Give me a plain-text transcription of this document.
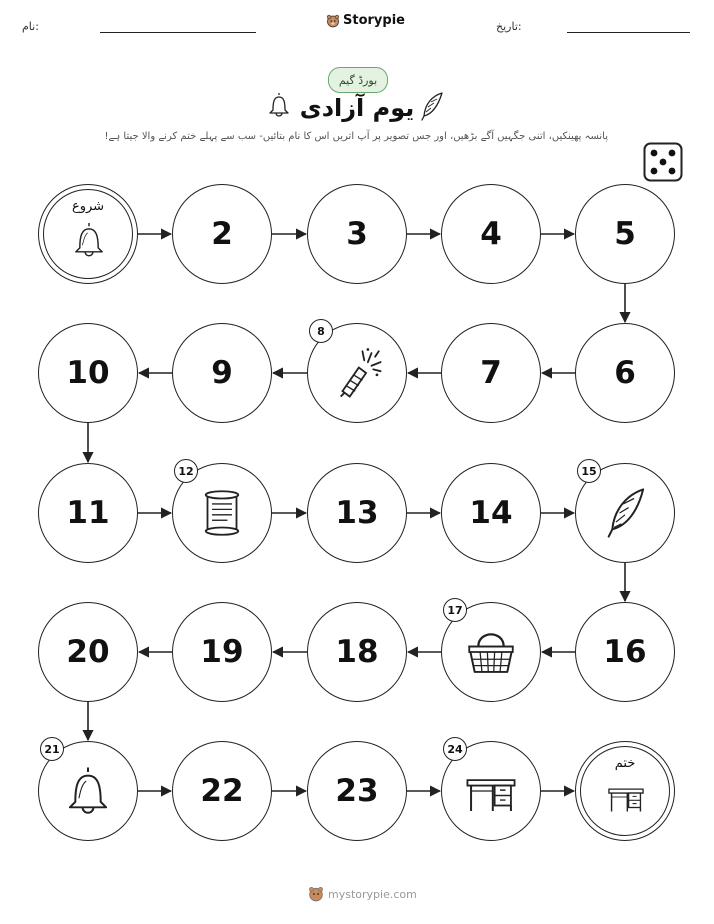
نام:	تاریخ:
Storypie
بورڈ گیم
یوم آزادی
پانسہ پھینکیں، اتنی جگہیں آگے بڑھیں، اور جس تصویر پر آپ اتریں اس کا نام بتائیں- سب سے پہلے ختم کرنے والا جیتا ہے!
شروع
2	3	4	5
6
7
9
10
11	13	14
16
18
19
20
22	23
ختم
8
12	15
17
21	24
mystorypie.com
